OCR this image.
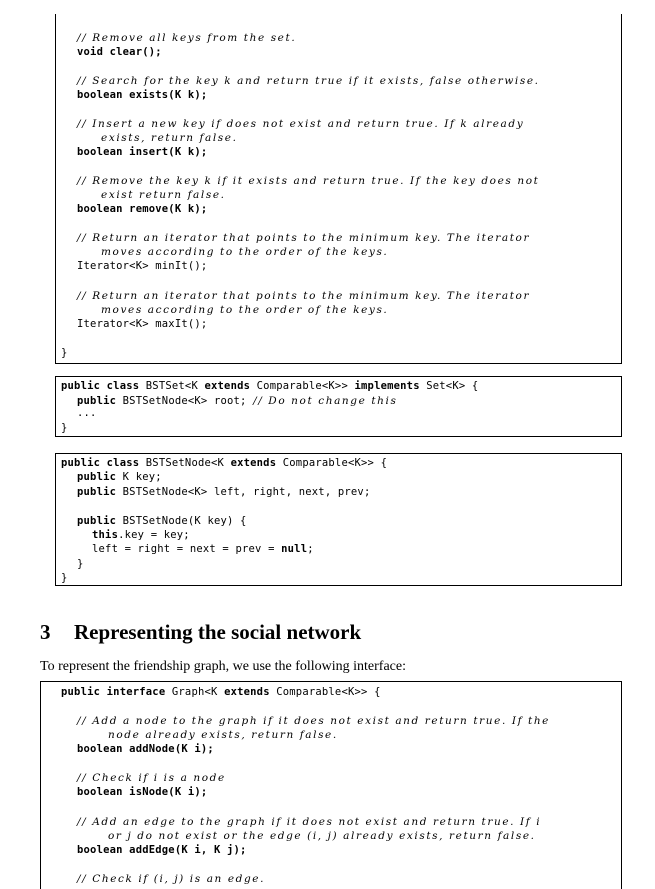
// Remove all keys from the set.
void clear();
// Search for the key k and return true if it exists, false otherwise.
boolean exists(K k);
// Insert a new key if does not exist and return true. If k already
exists, return false.
boolean insert(K k);
// Remove the key k if it exists and return true. If the key does not
exist return false.
boolean remove(K k);
// Return an iterator that points to the minimum key. The iterator
moves according to the order of the keys.
Iterator<K> minIt();
// Return an iterator that points to the minimum key. The iterator
moves according to the order of the keys.
Iterator<K> maxIt();
}
public class BSTSet<K extends Comparable<K>> implements Set<K> {
public BSTSetNode<K> root; // Do not change this
...
}
public class BSTSetNode<K extends Comparable<K>> {
public K key;
public BSTSetNode<K> left, right, next, prev;
public BSTSetNode(K key) {
this.key = key;
left = right = next = prev = null;
}
}
3 Representing the social network
To represent the friendship graph, we use the following interface:
public interface Graph<K extends Comparable<K>> {
// Add a node to the graph if it does not exist and return true. If the
node already exists, return false.
boolean addNode(K i);
// Check if i is a node
boolean isNode(K i);
// Add an edge to the graph if it does not exist and return true. If i
or j do not exist or the edge (i, j) already exists, return false.
boolean addEdge(K i, K j);
// Check if (i, j) is an edge.
